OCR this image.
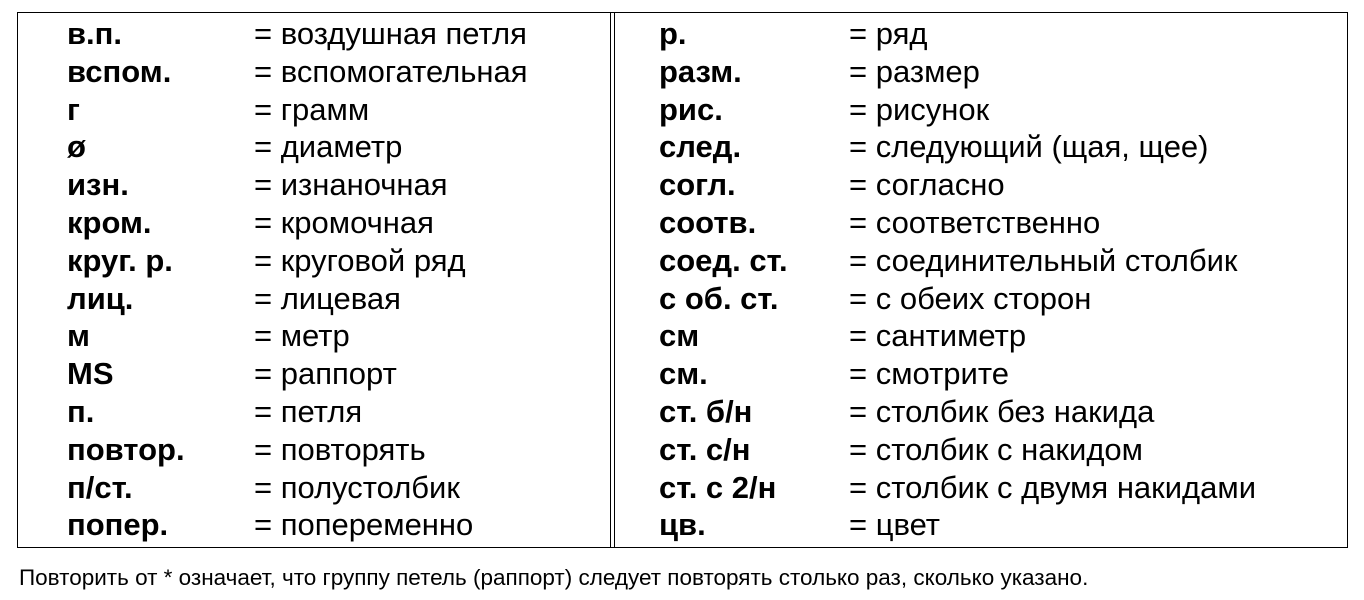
в.п.	= воздушная петля
вспом.	= вспомогательная
г	= грамм
ø	= диаметр
изн.	= изнаночная
кром.	= кромочная
круг. р.	= круговой ряд
лиц.	= лицевая
м	= метр
MS	= раппорт
п.	= петля
повтор. = повторять
п/ст.	= полустолбик
попер.	= попеременно
р.	= ряд
разм.	= размер
рис.	= рисунок
след.	= следующий (щая, щее)
согл.	= согласно
соотв.	= соответственно
соед. ст. = соединительный столбик
с об. ст. = с обеих сторон
см	= сантиметр
см.	= смотрите
ст. б/н	= столбик без накида
ст. с/н	= столбик с накидом
ст. с 2/н = столбик с двумя накидами
цв.	= цвет
Повторить от * означает, что группу петель (раппорт) следует повторять столько раз, сколько указано.
